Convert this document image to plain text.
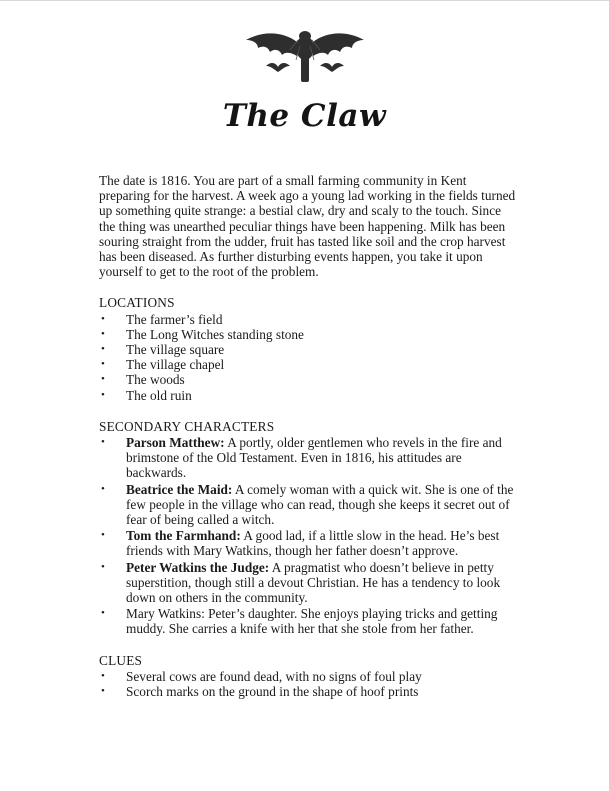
The Claw

The date is 1816. You are part of a small farming community in Kent preparing for the harvest. A week ago a young lad working in the fields turned up something quite strange: a bestial claw, dry and scaly to the touch. Since the thing was unearthed peculiar things have been happening. Milk has been souring straight from the udder, fruit has tasted like soil and the crop harvest has been diseased. As further disturbing events happen, you take it upon yourself to get to the root of the problem.

LOCATIONS
• The farmer’s field
• The Long Witches standing stone
• The village square
• The village chapel
• The woods
• The old ruin
SECONDARY CHARACTERS
• Parson Matthew: A portly, older gentlemen who revels in the fire and brimstone of the Old Testament. Even in 1816, his attitudes are backwards.
• Beatrice the Maid: A comely woman with a quick wit. She is one of the few people in the village who can read, though she keeps it secret out of fear of being called a witch.
• Tom the Farmhand: A good lad, if a little slow in the head. He’s best friends with Mary Watkins, though her father doesn’t approve.
• Peter Watkins the Judge: A pragmatist who doesn’t believe in petty superstition, though still a devout Christian. He has a tendency to look down on others in the community.
• Mary Watkins: Peter’s daughter. She enjoys playing tricks and getting muddy. She carries a knife with her that she stole from her father.
CLUES
• Several cows are found dead, with no signs of foul play
• Scorch marks on the ground in the shape of hoof prints
